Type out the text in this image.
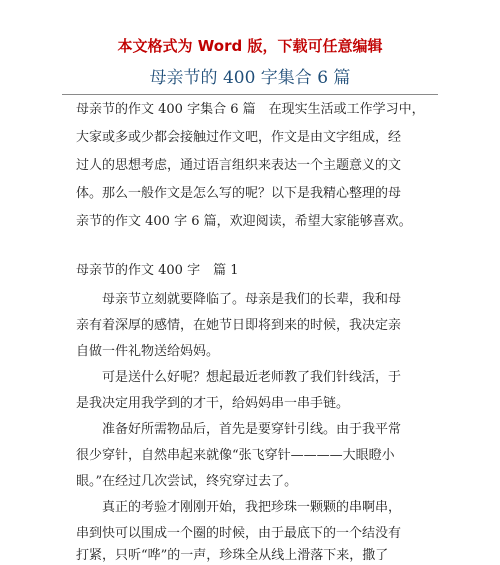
本文格式为 Word 版，下载可任意编辑
母亲节的 400 字集合 6 篇
母亲节的作文 400 字集合 6 篇　在现实生活或工作学习中，
大家或多或少都会接触过作文吧，作文是由文字组成，经
过人的思想考虑，通过语言组织来表达一个主题意义的文
体。那么一般作文是怎么写的呢？以下是我精心整理的母
亲节的作文 400 字 6 篇，欢迎阅读，希望大家能够喜欢。
母亲节的作文 400 字　篇 1
　　母亲节立刻就要降临了。母亲是我们的长辈，我和母
亲有着深厚的感情，在她节日即将到来的时候，我决定亲
自做一件礼物送给妈妈。
　　可是送什么好呢？想起最近老师教了我们针线活，于
是我决定用我学到的才干，给妈妈串一串手链。
　　准备好所需物品后，首先是要穿针引线。由于我平常
很少穿针，自然串起来就像“张飞穿针————大眼瞪小
眼。”在经过几次尝试，终究穿过去了。
　　真正的考验才刚刚开始，我把珍珠一颗颗的串啊串，
串到快可以围成一个圈的时候，由于最底下的一个结没有
打紧，只听“哗”的一声，珍珠全从线上滑落下来，撒了
